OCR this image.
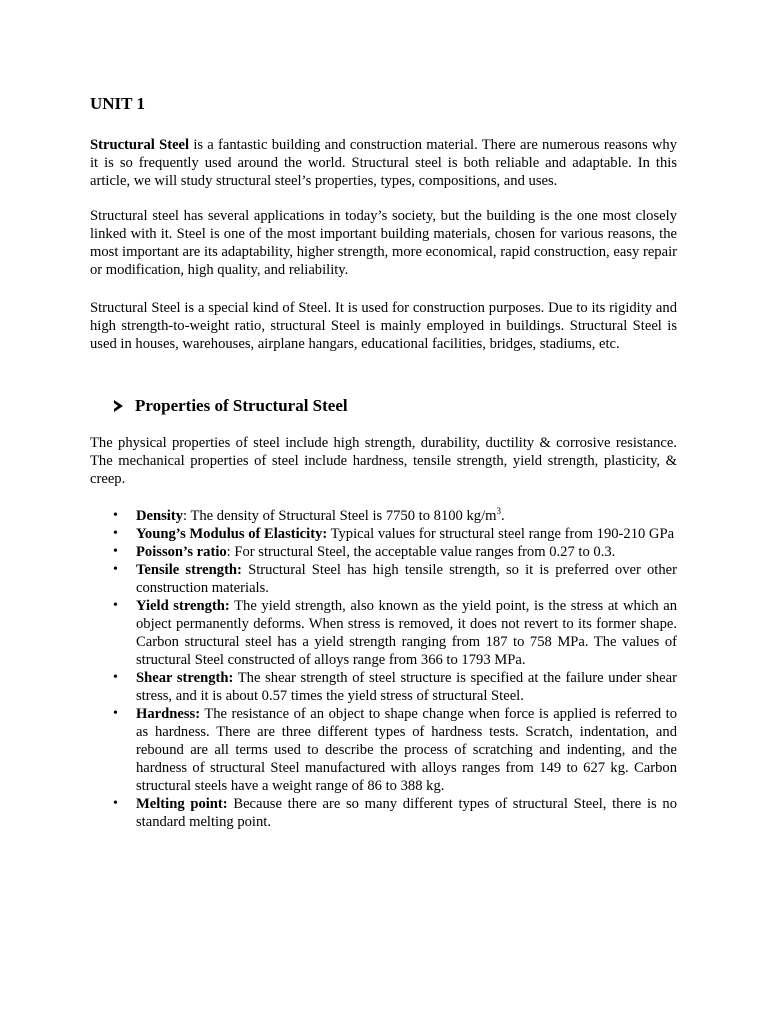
UNIT 1

Structural Steel is a fantastic building and construction material. There are numerous reasons why it is so frequently used around the world. Structural steel is both reliable and adaptable. In this article, we will study structural steel’s properties, types, compositions, and uses.

Structural steel has several applications in today’s society, but the building is the one most closely linked with it. Steel is one of the most important building materials, chosen for various reasons, the most important are its adaptability, higher strength, more economical, rapid construction, easy repair or modification, high quality, and reliability.

Structural Steel is a special kind of Steel. It is used for construction purposes. Due to its rigidity and high strength-to-weight ratio, structural Steel is mainly employed in buildings. Structural Steel is used in houses, warehouses, airplane hangars, educational facilities, bridges, stadiums, etc.

Properties of Structural Steel

The physical properties of steel include high strength, durability, ductility & corrosive resistance. The mechanical properties of steel include hardness, tensile strength, yield strength, plasticity, & creep.

• Density: The density of Structural Steel is 7750 to 8100 $kg/m^3$.
• Young’s Modulus of Elasticity: Typical values for structural steel range from 190-210 GPa
• Poisson’s ratio: For structural Steel, the acceptable value ranges from 0.27 to 0.3.
• Tensile strength: Structural Steel has high tensile strength, so it is preferred over other construction materials.
• Yield strength: The yield strength, also known as the yield point, is the stress at which an object permanently deforms. When stress is removed, it does not revert to its former shape. Carbon structural steel has a yield strength ranging from 187 to 758 MPa. The values of structural Steel constructed of alloys range from 366 to 1793 MPa.
• Shear strength: The shear strength of steel structure is specified at the failure under shear stress, and it is about 0.57 times the yield stress of structural Steel.
• Hardness: The resistance of an object to shape change when force is applied is referred to as hardness. There are three different types of hardness tests. Scratch, indentation, and rebound are all terms used to describe the process of scratching and indenting, and the hardness of structural Steel manufactured with alloys ranges from 149 to 627 kg. Carbon structural steels have a weight range of 86 to 388 kg.
• Melting point: Because there are so many different types of structural Steel, there is no standard melting point.
